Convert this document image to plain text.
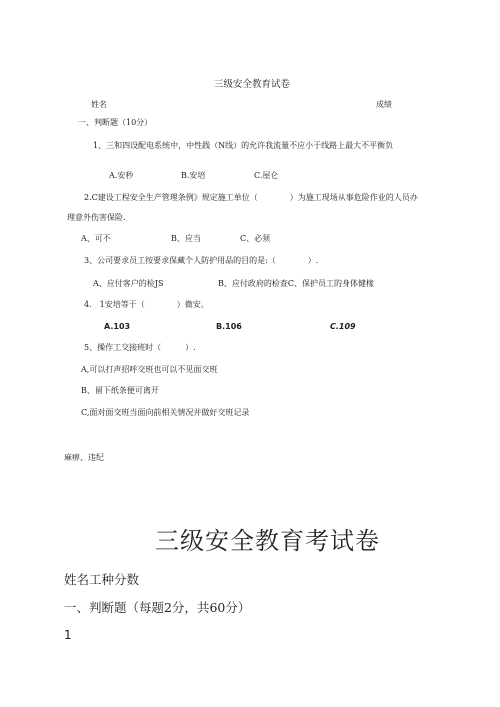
三级安全教育试卷
姓名	成绩
一、判断题（10分）
1、三和四设配电系统中，中性践（N线）的允许我流量不应小于线路上最大不平衡负
A.安秒	B.安培	C.屋仑
2.C建设工程安全生产管理条例》规定施工单位（　　　　）为施工现场从事危险作业的人员办
理意外伤害保险.
A、可不	B、应当	C、必须
3、公司要求员工按要求保藏个人防护用品的目的是:（　　　　）.
A、应付客户的检JS	B、应付政府的检查C、保护员工的身体健椽
4.　1安培等于（　　　　）微安。
A.103	B.106	C.109
5、操作工交接班时（　　　）.
A,可以打声招呼交班也可以不见面交班
B、留下纸条便可离开
C,面对面交班当面向前相关情况并做好交班记录
麻痹、违纪
三级安全教育考试卷
姓名工种分数
一、判断题（每题2分，共60分）
1
